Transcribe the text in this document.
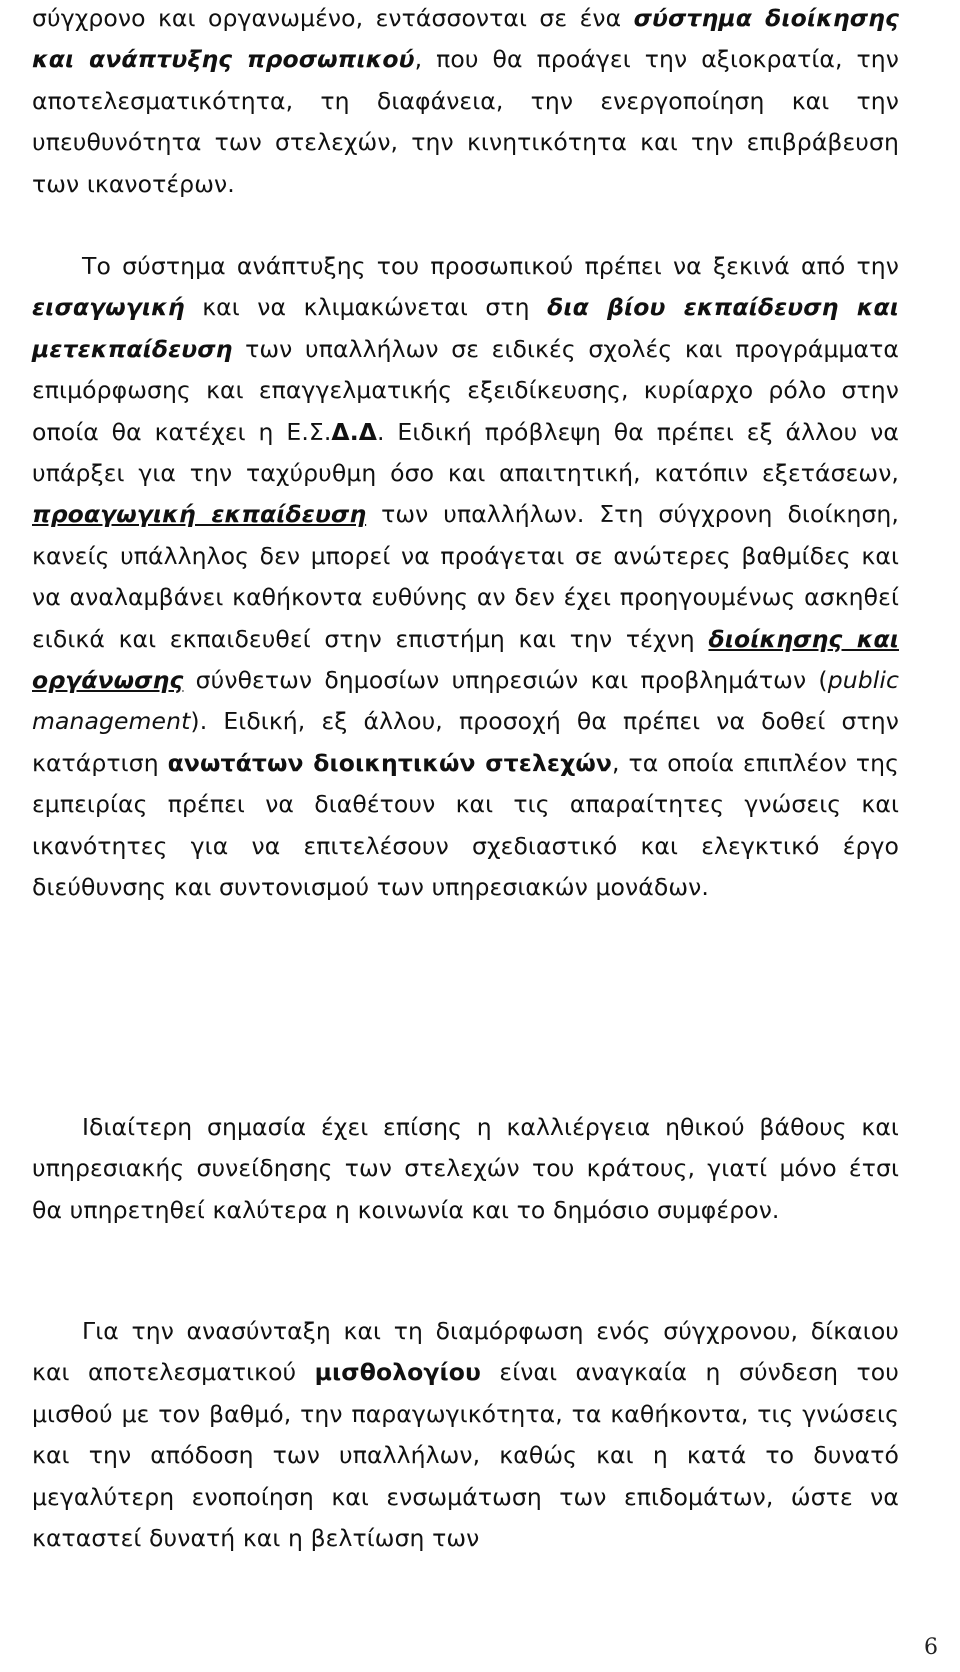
σύγχρονο και οργανωμένο, εντάσσονται σε ένα σύστημα διοίκησης και ανάπτυξης προσωπικού, που θα προάγει την αξιοκρατία, την αποτελεσματικότητα, τη διαφάνεια, την ενεργοποίηση και την υπευθυνότητα των στελεχών, την κινητικότητα και την επιβράβευση των ικανοτέρων.

Το σύστημα ανάπτυξης του προσωπικού πρέπει να ξεκινά από την εισαγωγική και να κλιμακώνεται στη δια βίου εκπαίδευση και μετεκπαίδευση των υπαλλήλων σε ειδικές σχολές και προγράμματα επιμόρφωσης και επαγγελματικής εξειδίκευσης, κυρίαρχο ρόλο στην οποία θα κατέχει η Ε.Σ.Δ.Δ. Ειδική πρόβλεψη θα πρέπει εξ άλλου να υπάρξει για την ταχύρυθμη όσο και απαιτητική, κατόπιν εξετάσεων, προαγωγική εκπαίδευση των υπαλλήλων. Στη σύγχρονη διοίκηση, κανείς υπάλληλος δεν μπορεί να προάγεται σε ανώτερες βαθμίδες και να αναλαμβάνει καθήκοντα ευθύνης αν δεν έχει προηγουμένως ασκηθεί ειδικά και εκπαιδευθεί στην επιστήμη και την τέχνη διοίκησης και οργάνωσης σύνθετων δημοσίων υπηρεσιών και προβλημάτων (public management). Ειδική, εξ άλλου, προσοχή θα πρέπει να δοθεί στην κατάρτιση ανωτάτων διοικητικών στελεχών, τα οποία επιπλέον της εμπειρίας πρέπει να διαθέτουν και τις απαραίτητες γνώσεις και ικανότητες για να επιτελέσουν σχεδιαστικό και ελεγκτικό έργο διεύθυνσης και συντονισμού των υπηρεσιακών μονάδων.

Ιδιαίτερη σημασία έχει επίσης η καλλιέργεια ηθικού βάθους και υπηρεσιακής συνείδησης των στελεχών του κράτους, γιατί μόνο έτσι θα υπηρετηθεί καλύτερα η κοινωνία και το δημόσιο συμφέρον.

Για την ανασύνταξη και τη διαμόρφωση ενός σύγχρονου, δίκαιου και αποτελεσματικού μισθολογίου είναι αναγκαία η σύνδεση του μισθού με τον βαθμό, την παραγωγικότητα, τα καθήκοντα, τις γνώσεις και την απόδοση των υπαλλήλων, καθώς και η κατά το δυνατό μεγαλύτερη ενοποίηση και ενσωμάτωση των επιδομάτων, ώστε να καταστεί δυνατή και η βελτίωση των

6
